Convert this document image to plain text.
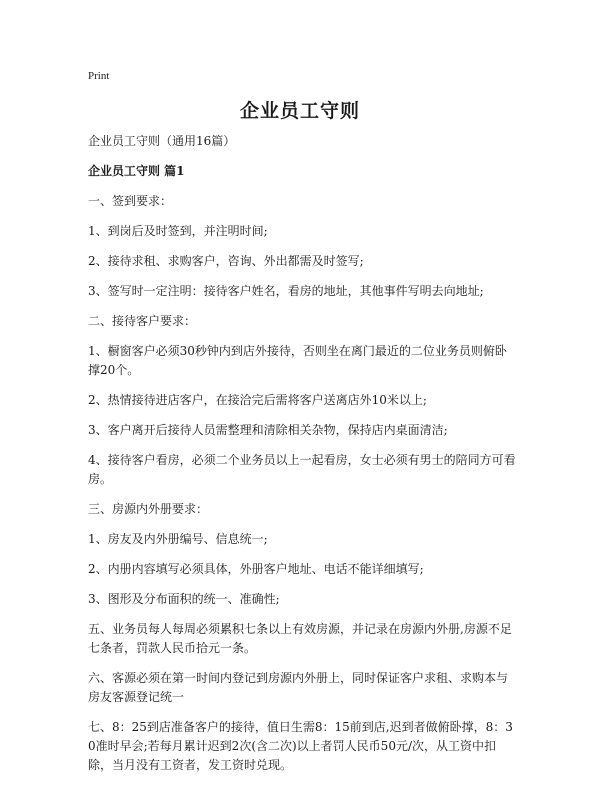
Print
企业员工守则

企业员工守则（通用16篇）

企业员工守则 篇1

一、签到要求：

1、到岗后及时签到，并注明时间;

2、接待求租、求购客户，咨询、外出都需及时签写;

3、签写时一定注明：接待客户姓名，看房的地址，其他事件写明去向地址;

二、接待客户要求：

1、橱窗客户必须30秒钟内到店外接待，否则坐在离门最近的二位业务员则俯卧撑20个。

2、热情接待进店客户，在接洽完后需将客户送离店外10米以上;

3、客户离开后接待人员需整理和清除相关杂物，保持店内桌面清洁;

4、接待客户看房，必须二个业务员以上一起看房，女士必须有男士的陪同方可看房。

三、房源内外册要求：

1、房友及内外册编号、信息统一;

2、内册内容填写必须具体，外册客户地址、电话不能详细填写;

3、图形及分布面积的统一、准确性;

五、业务员每人每周必须累积七条以上有效房源，并记录在房源内外册,房源不足七条者，罚款人民币拾元一条。

六、客源必须在第一时间内登记到房源内外册上，同时保证客户求租、求购本与房友客源登记统一

七、8：25到店准备客户的接待，值日生需8：15前到店,迟到者做俯卧撑，8：30准时早会;若每月累计迟到2次(含二次)以上者罚人民币50元/次，从工资中扣除，当月没有工资者，发工资时兑现。
